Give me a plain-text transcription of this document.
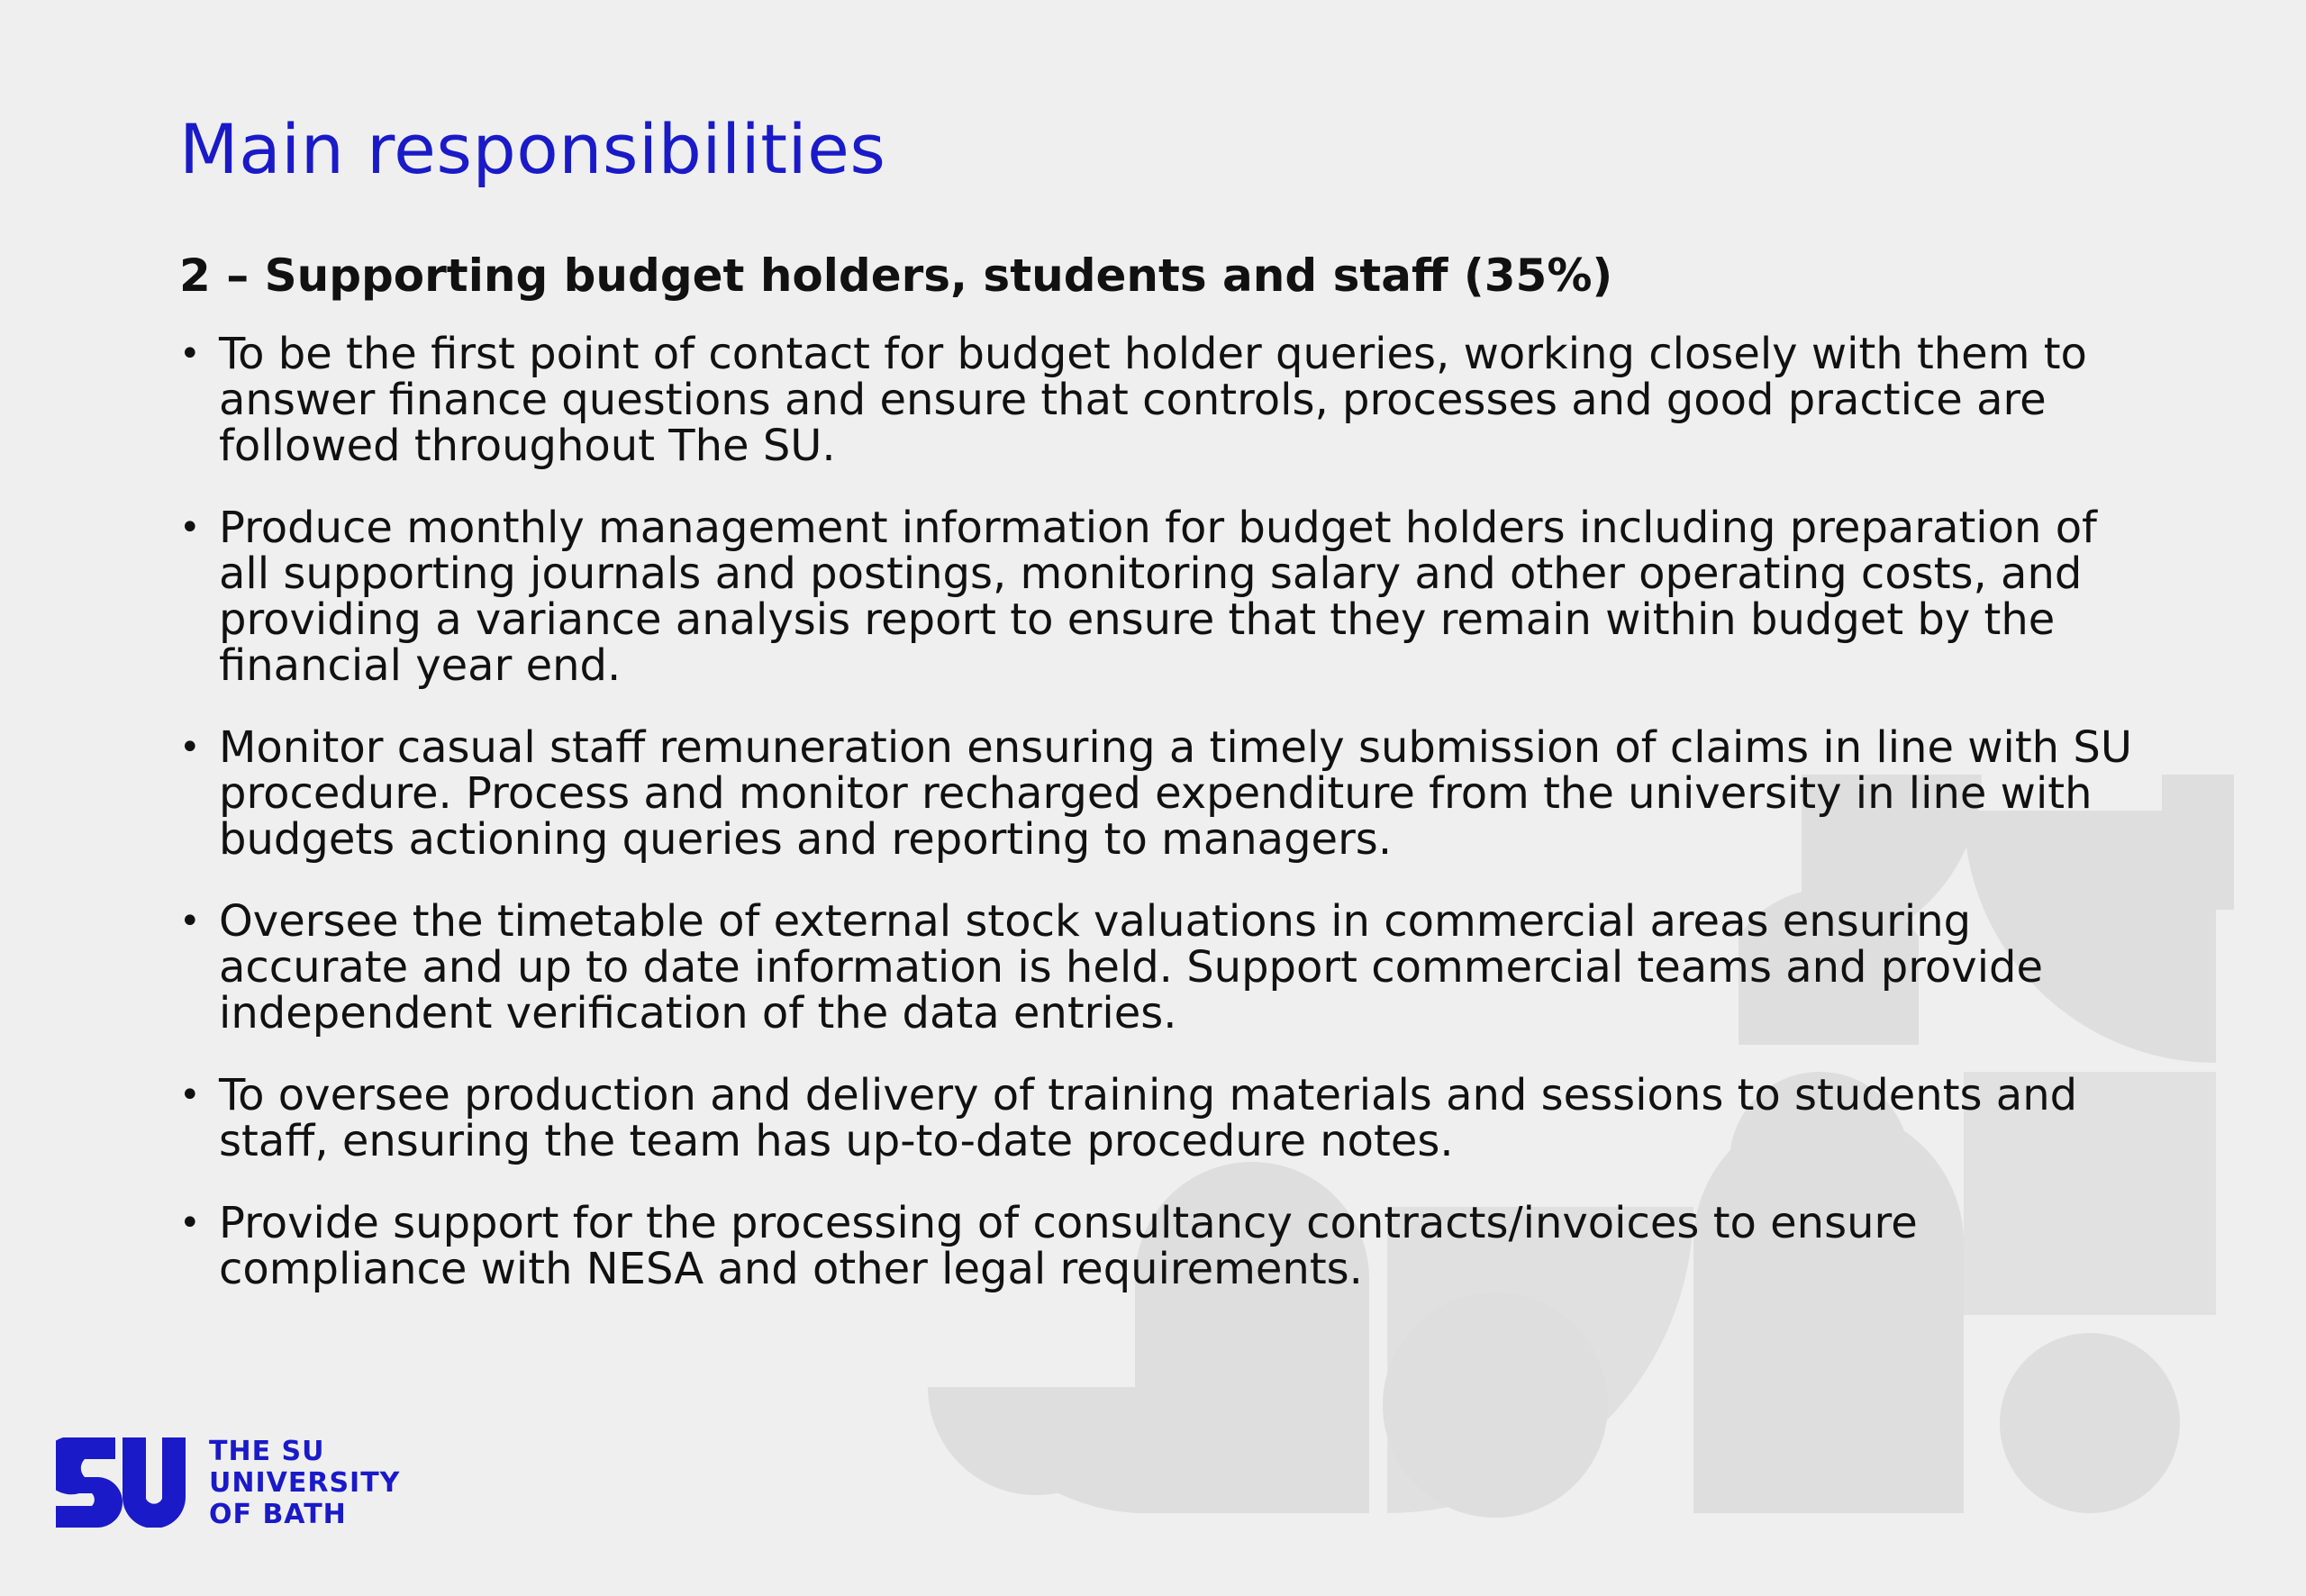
Main responsibilities
2 – Supporting budget holders, students and staff (35%)
• To be the first point of contact for budget holder queries, working closely with them to answer finance questions and ensure that controls, processes and good practice are followed throughout The SU.
• Produce monthly management information for budget holders including preparation of all supporting journals and postings, monitoring salary and other operating costs, and providing a variance analysis report to ensure that they remain within budget by the financial year end.
• Monitor casual staff remuneration ensuring a timely submission of claims in line with SU procedure. Process and monitor recharged expenditure from the university in line with budgets actioning queries and reporting to managers.
• Oversee the timetable of external stock valuations in commercial areas ensuring accurate and up to date information is held. Support commercial teams and provide independent verification of the data entries.
• To oversee production and delivery of training materials and sessions to students and staff, ensuring the team has up-to-date procedure notes.
• Provide support for the processing of consultancy contracts/invoices to ensure compliance with NESA and other legal requirements.
THE SU
UNIVERSITY
OF BATH
